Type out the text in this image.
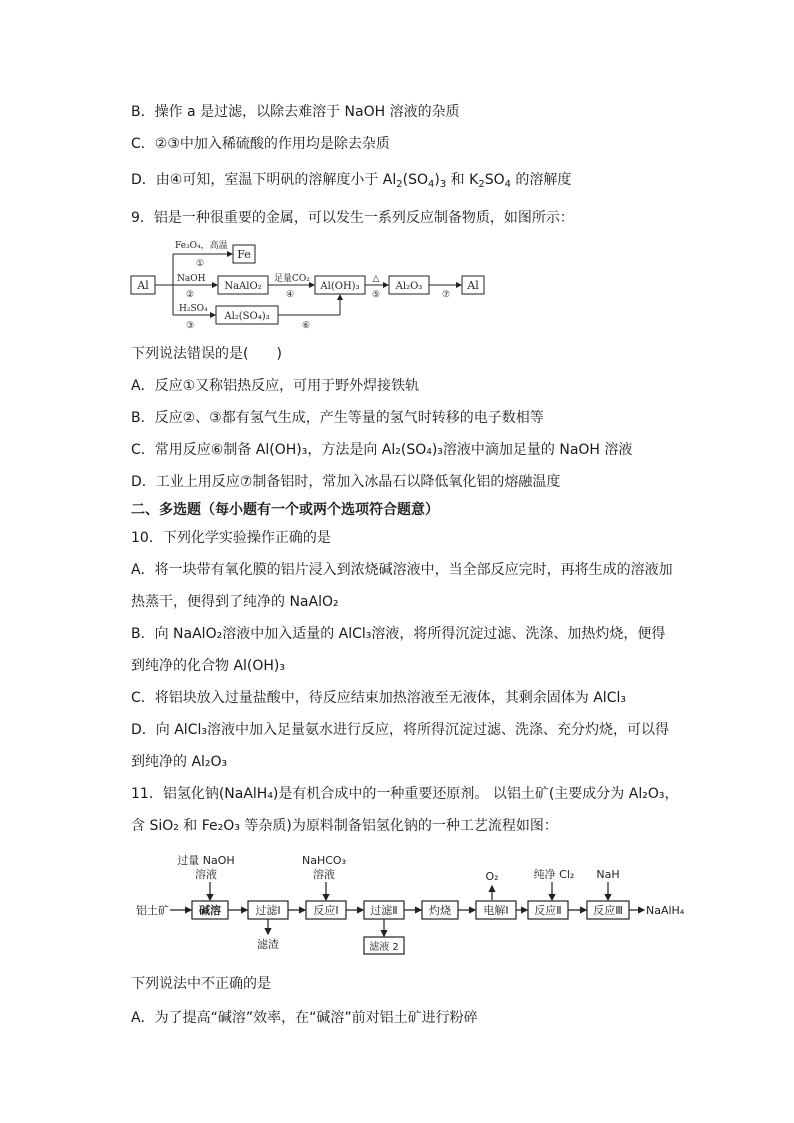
B．操作 a 是过滤，以除去难溶于 NaOH 溶液的杂质
C．②③中加入稀硫酸的作用均是除去杂质
D．由④可知，室温下明矾的溶解度小于 $Al_2(SO_4)_3$ 和 $K_2SO_4$ 的溶解度
9．铝是一种很重要的金属，可以发生一系列反应制备物质，如图所示：
Al
Fe
NaAlO₂	Al(OH)₃	Al₂O₃	Al
Al₂(SO₄)₃
Fe₃O₄，高温
①
NaOH
②
H₂SO₄
③
足量CO₂
④
△
⑤
⑥
⑦
下列说法错误的是(　　)
A．反应①又称铝热反应，可用于野外焊接铁轨
B．反应②、③都有氢气生成，产生等量的氢气时转移的电子数相等
C．常用反应⑥制备 Al(OH)₃，方法是向 Al₂(SO₄)₃溶液中滴加足量的 NaOH 溶液
D．工业上用反应⑦制备铝时，常加入冰晶石以降低氧化铝的熔融温度
二、多选题（每小题有一个或两个选项符合题意）
10．下列化学实验操作正确的是
A．将一块带有氧化膜的铝片浸入到浓烧碱溶液中，当全部反应完时，再将生成的溶液加
热蒸干，便得到了纯净的 NaAlO₂
B．向 NaAlO₂溶液中加入适量的 AlCl₃溶液，将所得沉淀过滤、洗涤、加热灼烧，便得
到纯净的化合物 Al(OH)₃
C．将铝块放入过量盐酸中，待反应结束加热溶液至无液体，其剩余固体为 AlCl₃
D．向 AlCl₃溶液中加入足量氨水进行反应，将所得沉淀过滤、洗涤、充分灼烧，可以得
到纯净的 Al₂O₃
11．铝氢化钠(NaAlH₄)是有机合成中的一种重要还原剂。 以铝土矿(主要成分为 Al₂O₃，
含 SiO₂ 和 Fe₂O₃ 等杂质)为原料制备铝氢化钠的一种工艺流程如图：
铝土矿	碱溶	过滤Ⅰ	反应Ⅰ	过滤Ⅱ	灼烧	电解Ⅰ 反应Ⅱ	反应Ⅲ NaAlH₄
过量 NaOH
溶液
NaHCO₃
溶液	O₂	纯净 Cl₂ NaH
滤渣	滤液 2
下列说法中不正确的是
A．为了提高“碱溶”效率，在“碱溶”前对铝土矿进行粉碎
